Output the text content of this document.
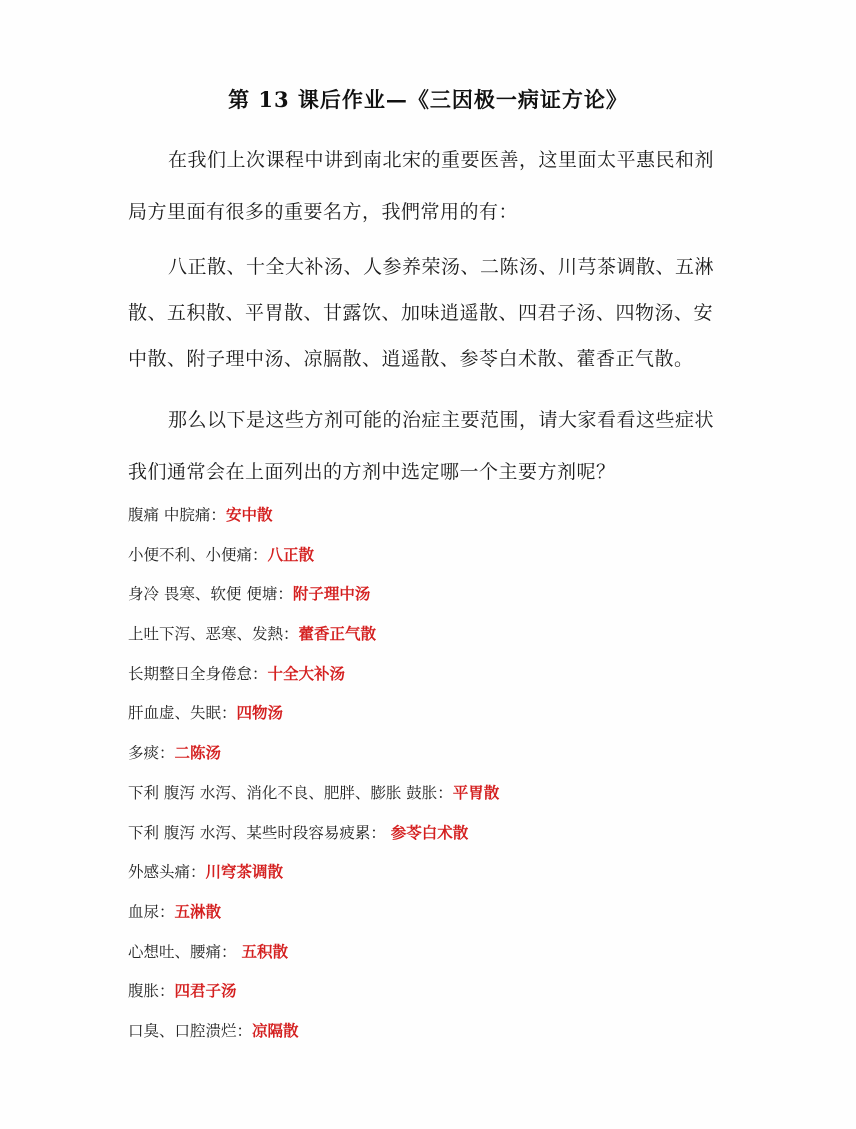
第 13 课后作业—《三因极一病证方论》
在我们上次课程中讲到南北宋的重要医善，这里面太平惠民和剂局方里面有很多的重要名方，我們常用的有：
八正散、十全大补汤、人参养荣汤、二陈汤、川芎茶调散、五淋散、五积散、平胃散、甘露饮、加味逍遥散、四君子汤、四物汤、安中散、附子理中汤、凉膈散、逍遥散、参苓白术散、藿香正气散。
那么以下是这些方剂可能的治症主要范围，请大家看看这些症状我们通常会在上面列出的方剂中选定哪一个主要方剂呢？
腹痛 中脘痛：安中散
小便不利、小便痛：八正散
身冷 畏寒、软便 便塘：附子理中汤
上吐下泻、恶寒、发熱：藿香正气散
长期整日全身倦怠：十全大补汤
肝血虚、失眠：四物汤
多痰：二陈汤
下利 腹泻 水泻、消化不良、肥胖、膨胀 鼓胀：平胃散
下利 腹泻 水泻、某些时段容易疲累： 参苓白术散
外感头痛：川穹茶调散
血尿：五淋散
心想吐、腰痛： 五积散
腹胀：四君子汤
口臭、口腔溃烂：凉隔散
